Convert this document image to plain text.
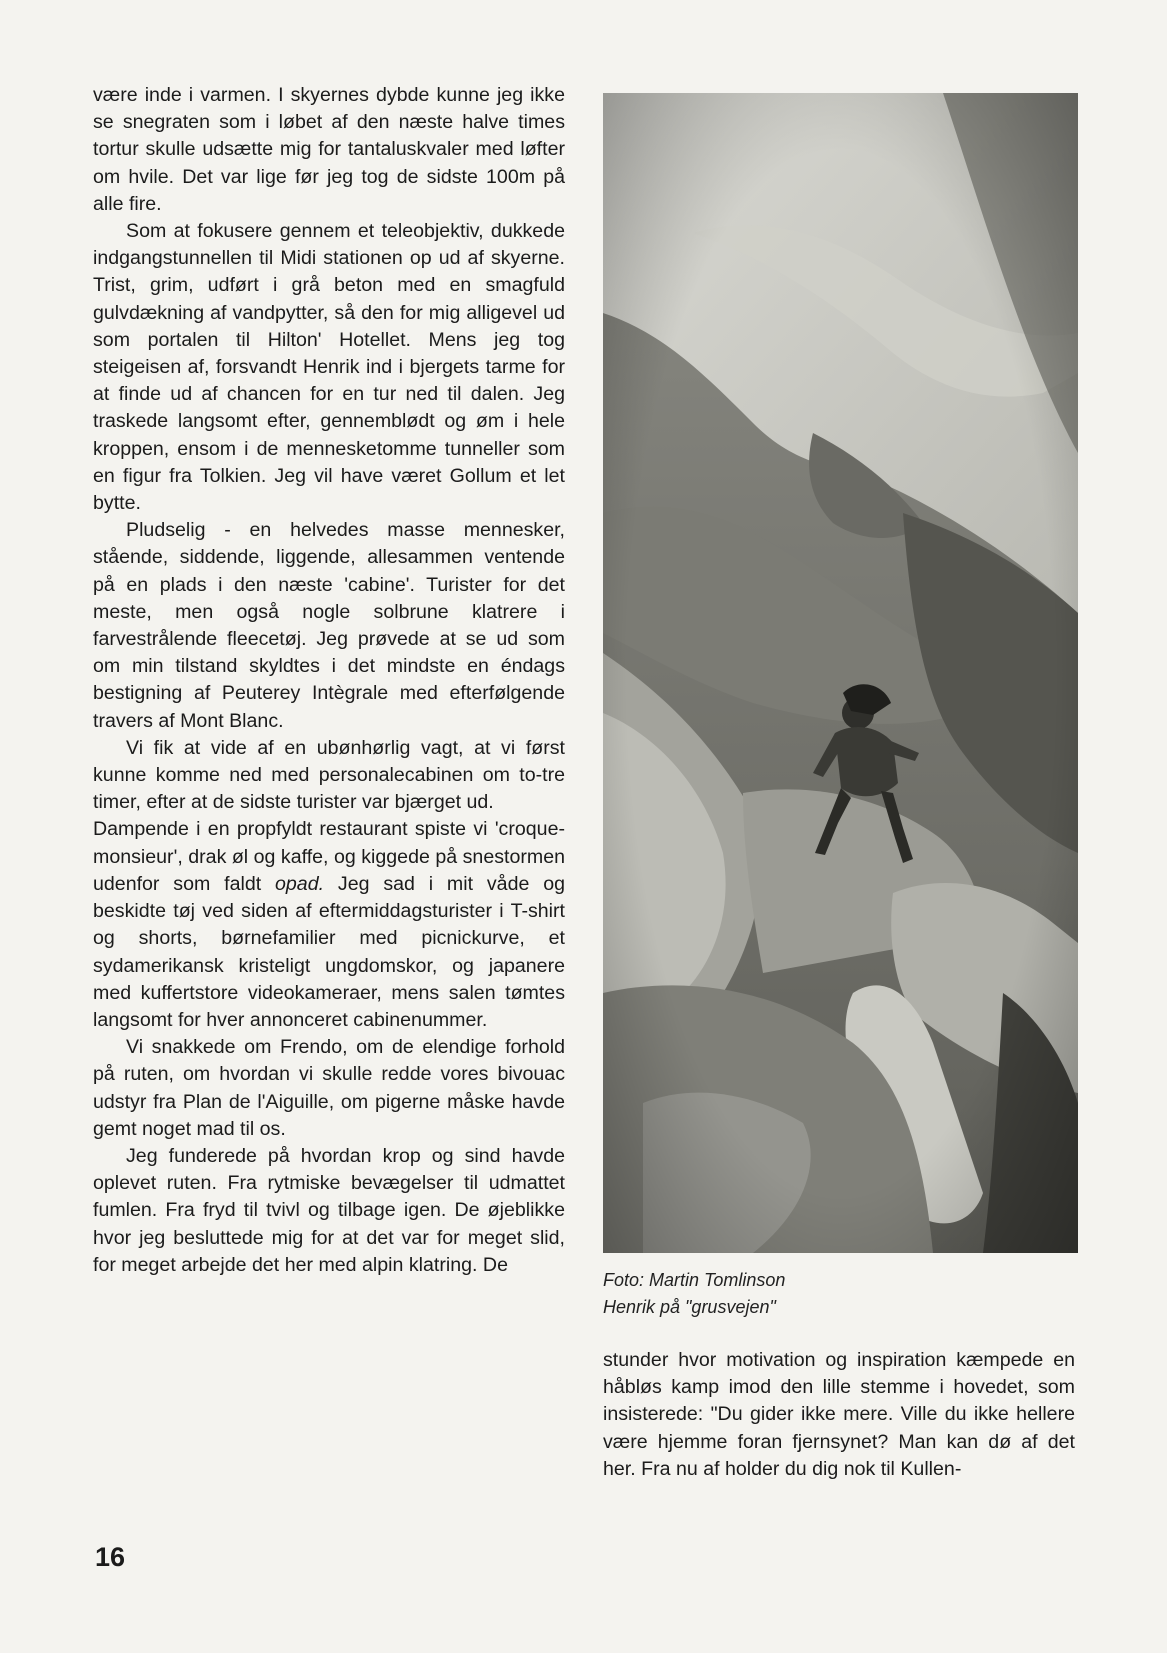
være inde i varmen. I skyernes dybde kunne jeg ikke se snegraten som i løbet af den næste halve times tortur skulle udsætte mig for tantaluskvaler med løfter om hvile. Det var lige før jeg tog de sidste 100m på alle fire.

Som at fokusere gennem et teleobjektiv, dukkede indgangstunnellen til Midi stationen op ud af skyerne. Trist, grim, udført i grå beton med en smagfuld gulvdækning af vandpytter, så den for mig alligevel ud som portalen til Hilton' Hotellet. Mens jeg tog steigeisen af, forsvandt Henrik ind i bjergets tarme for at finde ud af chancen for en tur ned til dalen. Jeg traskede langsomt efter, gennemblødt og øm i hele kroppen, ensom i de mennesketomme tunneller som en figur fra Tolkien. Jeg vil have været Gollum et let bytte.

Pludselig - en helvedes masse mennesker, stående, siddende, liggende, allesammen ventende på en plads i den næste 'cabine'. Turister for det meste, men også nogle solbrune klatrere i farvestrålende fleecetøj. Jeg prøvede at se ud som om min tilstand skyldtes i det mindste en éndags bestigning af Peuterey Intègrale med efterfølgende travers af Mont Blanc.

Vi fik at vide af en ubønhørlig vagt, at vi først kunne komme ned med personalecabinen om to-tre timer, efter at de sidste turister var bjærget ud.

Dampende i en propfyldt restaurant spiste vi 'croque-monsieur', drak øl og kaffe, og kiggede på snestormen udenfor som faldt opad. Jeg sad i mit våde og beskidte tøj ved siden af eftermiddagsturister i T-shirt og shorts, børnefamilier med picnickurve, et sydamerikansk kristeligt ungdomskor, og japanere med kuffertstore videokameraer, mens salen tømtes langsomt for hver annonceret cabinenummer.

Vi snakkede om Frendo, om de elendige forhold på ruten, om hvordan vi skulle redde vores bivouac udstyr fra Plan de l'Aiguille, om pigerne måske havde gemt noget mad til os.

Jeg funderede på hvordan krop og sind havde oplevet ruten. Fra rytmiske bevægelser til udmattet fumlen. Fra fryd til tvivl og tilbage igen. De øjeblikke hvor jeg besluttede mig for at det var for meget slid, for meget arbejde det her med alpin klatring. De

Foto: Martin Tomlinson
Henrik på "grusvejen"

stunder hvor motivation og inspiration kæmpede en håbløs kamp imod den lille stemme i hovedet, som insisterede: "Du gider ikke mere. Ville du ikke hellere være hjemme foran fjernsynet? Man kan dø af det her. Fra nu af holder du dig nok til Kullen-

16
